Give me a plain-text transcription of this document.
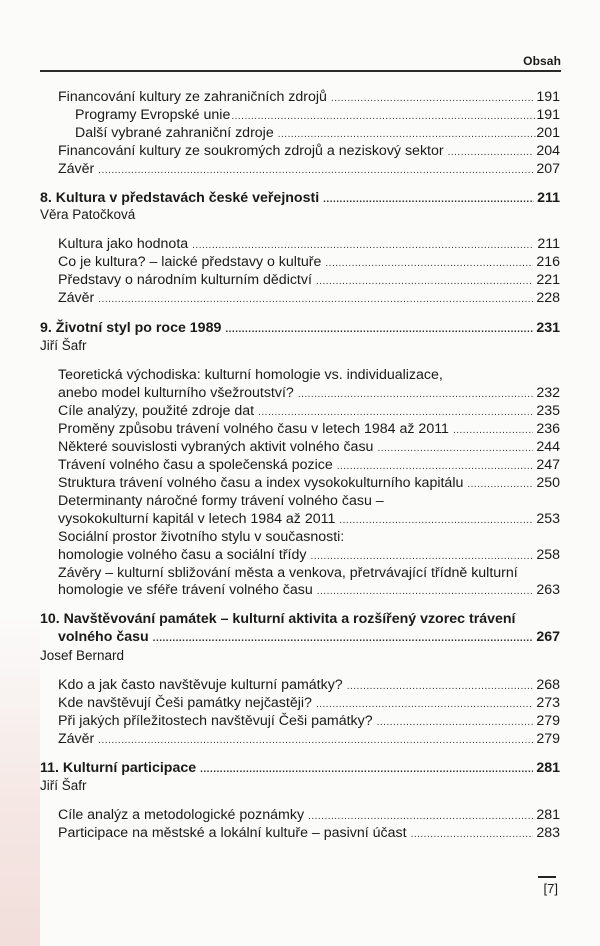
Obsah
Financování kultury ze zahraničních zdrojů .....	191
Programy Evropské unie .....	191
Další vybrané zahraniční zdroje .....	201
Financování kultury ze soukromých zdrojů a neziskový sektor .....	204
Závěr .....	207
8. Kultura v představách české veřejnosti .....	211
Věra Patočková
Kultura jako hodnota .....	211
Co je kultura? – laické představy o kultuře .....	216
Představy o národním kulturním dědictví .....	221
Závěr .....	228
9. Životní styl po roce 1989 .....	231
Jiří Šafr
Teoretická východiska: kulturní homologie vs. individualizace,
anebo model kulturního všežroutství? .....	232
Cíle analýzy, použité zdroje dat .....	235
Proměny způsobu trávení volného času v letech 1984 až 2011 .....	236
Některé souvislosti vybraných aktivit volného času .....	244
Trávení volného času a společenská pozice .....	247
Struktura trávení volného času a index vysokokulturního kapitálu .....	250
Determinanty náročné formy trávení volného času –
vysokokulturní kapitál v letech 1984 až 2011 .....	253
Sociální prostor životního stylu v současnosti:
homologie volného času a sociální třídy .....	258
Závěry – kulturní sbližování města a venkova, přetrvávající třídně kulturní
homologie ve sféře trávení volného času .....	263
10. Navštěvování památek – kulturní aktivita a rozšířený vzorec trávení
volného času .....	267
Josef Bernard
Kdo a jak často navštěvuje kulturní památky? .....	268
Kde navštěvují Češi památky nejčastěji? .....	273
Při jakých příležitostech navštěvují Češi památky? .....	279
Závěr .....	279
11. Kulturní participace .....	281
Jiří Šafr
Cíle analýz a metodologické poznámky .....	281
Participace na městské a lokální kultuře – pasivní účast .....	283
[7]
